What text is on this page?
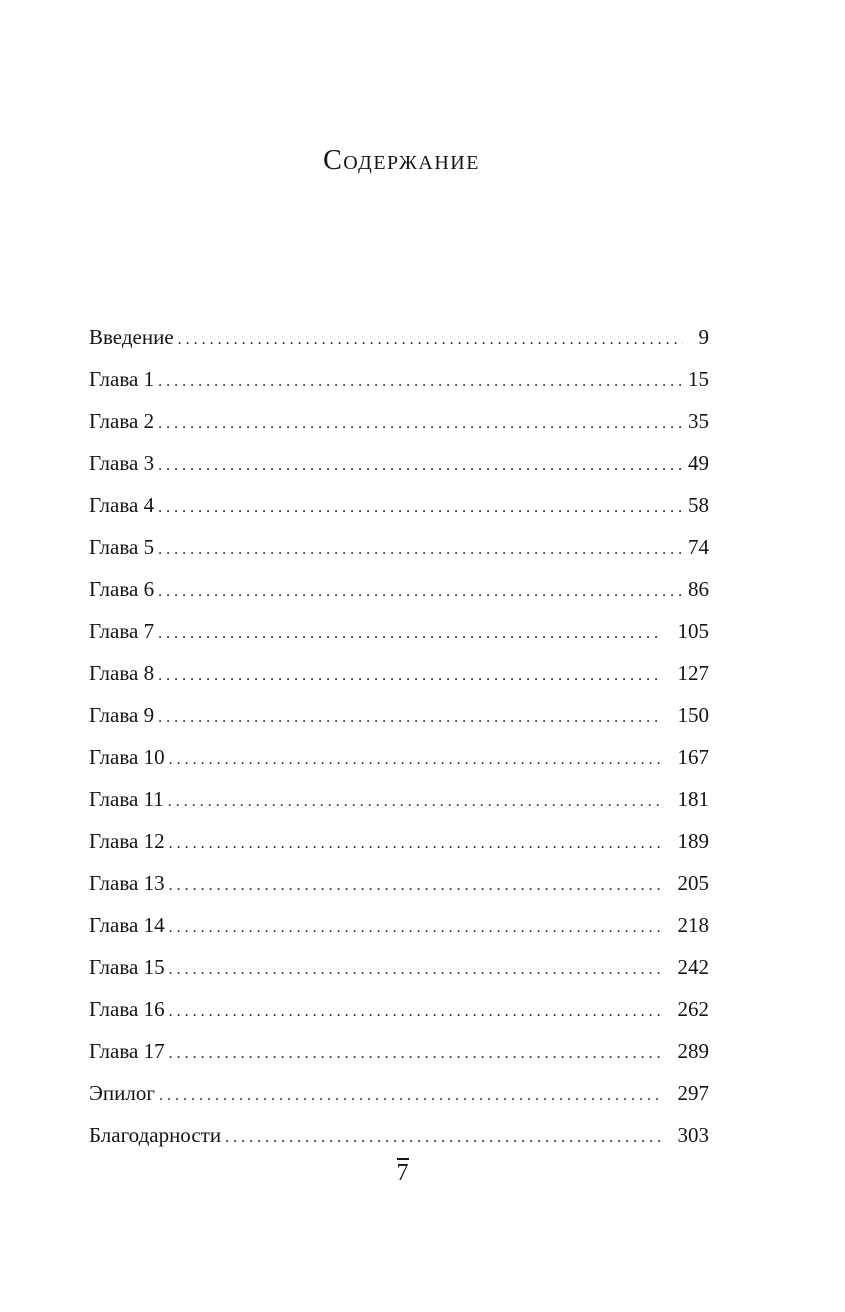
Содержание
Введение . . .	9
Глава 1 . . .	15
Глава 2 . . .	35
Глава 3 . . .	49
Глава 4 . . .	58
Глава 5 . . .	74
Глава 6 . . .	86
Глава 7 . . .	105
Глава 8 . . .	127
Глава 9 . . .	150
Глава 10 . . .	167
Глава 11 . . .	181
Глава 12 . . .	189
Глава 13 . . .	205
Глава 14 . . .	218
Глава 15 . . .	242
Глава 16 . . .	262
Глава 17 . . .	289
Эпилог . . .	297
Благодарности . . .	303
7
